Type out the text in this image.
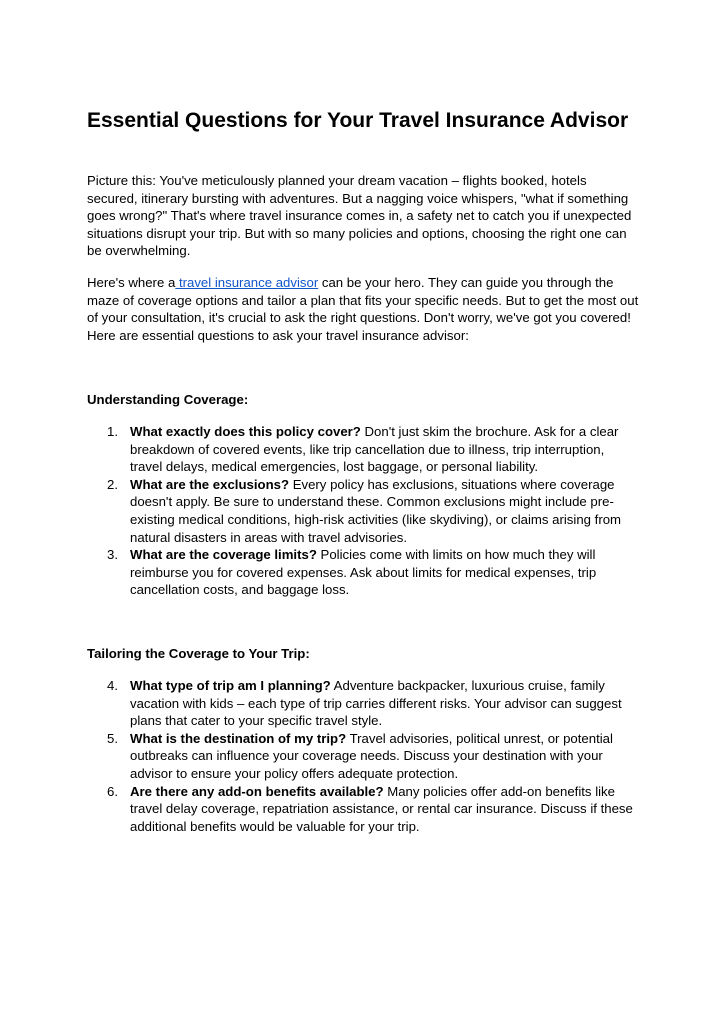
Essential Questions for Your Travel Insurance Advisor

Picture this: You've meticulously planned your dream vacation – flights booked, hotels secured, itinerary bursting with adventures. But a nagging voice whispers, "what if something goes wrong?" That's where travel insurance comes in, a safety net to catch you if unexpected situations disrupt your trip. But with so many policies and options, choosing the right one can be overwhelming.

Here's where a travel insurance advisor can be your hero. They can guide you through the maze of coverage options and tailor a plan that fits your specific needs. But to get the most out of your consultation, it's crucial to ask the right questions. Don't worry, we've got you covered! Here are essential questions to ask your travel insurance advisor:

Understanding Coverage:
1. What exactly does this policy cover? Don't just skim the brochure. Ask for a clear breakdown of covered events, like trip cancellation due to illness, trip interruption, travel delays, medical emergencies, lost baggage, or personal liability.
2. What are the exclusions? Every policy has exclusions, situations where coverage doesn't apply. Be sure to understand these. Common exclusions might include pre-existing medical conditions, high-risk activities (like skydiving), or claims arising from natural disasters in areas with travel advisories.
3. What are the coverage limits? Policies come with limits on how much they will reimburse you for covered expenses. Ask about limits for medical expenses, trip cancellation costs, and baggage loss.
Tailoring the Coverage to Your Trip:
4. What type of trip am I planning? Adventure backpacker, luxurious cruise, family vacation with kids – each type of trip carries different risks. Your advisor can suggest plans that cater to your specific travel style.
5. What is the destination of my trip? Travel advisories, political unrest, or potential outbreaks can influence your coverage needs. Discuss your destination with your advisor to ensure your policy offers adequate protection.
6. Are there any add-on benefits available? Many policies offer add-on benefits like travel delay coverage, repatriation assistance, or rental car insurance. Discuss if these additional benefits would be valuable for your trip.
